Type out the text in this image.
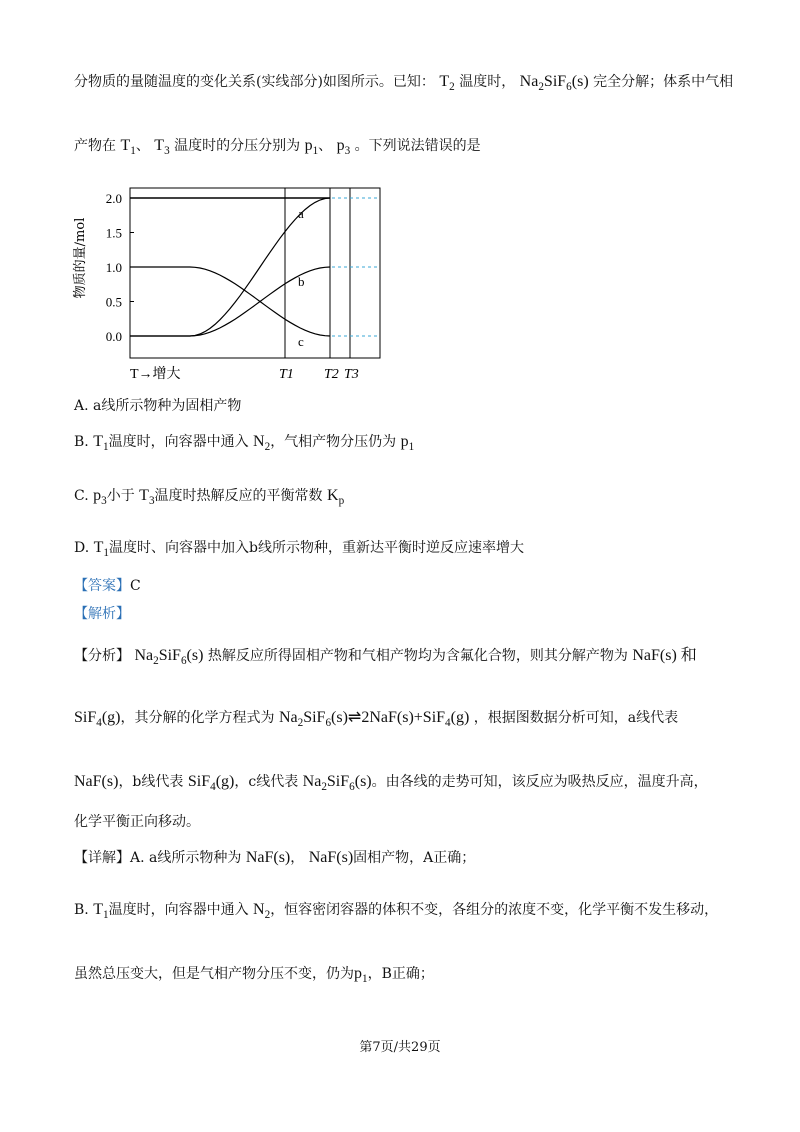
分物质的量随温度的变化关系(实线部分)如图所示。已知： $T_2$ 温度时， $Na_2SiF_6(s)$ 完全分解；体系中气相
产物在 $T_1$、 $T_3$ 温度时的分压分别为 $p_1$、 $p_3$ 。下列说法错误的是
物质的量/mol
2.0
1.5
1.0
0.5
0.0
a
b
c
T→增大	T1 T2 T3
A. a线所示物种为固相产物
B. $T_1$温度时，向容器中通入 $N_2$，气相产物分压仍为 $p_1$
C. $p_3$小于 $T_3$温度时热解反应的平衡常数 $K_p$
D. $T_1$温度时、向容器中加入b线所示物种，重新达平衡时逆反应速率增大
【答案】C
【解析】
【分析】 $Na_2SiF_6(s)$ 热解反应所得固相产物和气相产物均为含氟化合物，则其分解产物为 NaF(s) 和
SiF$_4$(g)，其分解的化学方程式为 $Na_2SiF_6(s)\rightleftharpoons 2NaF(s)+SiF_4(g)$ ，根据图数据分析可知，a线代表
NaF(s)，b线代表 SiF$_4$(g)，c线代表 $Na_2SiF_6(s)$。由各线的走势可知，该反应为吸热反应，温度升高，
化学平衡正向移动。
【详解】A. a线所示物种为 NaF(s)， NaF(s)固相产物，A正确；
B. $T_1$温度时，向容器中通入 $N_2$，恒容密闭容器的体积不变，各组分的浓度不变，化学平衡不发生移动，
虽然总压变大，但是气相产物分压不变，仍为$p_1$，B正确；
第7页/共29页
